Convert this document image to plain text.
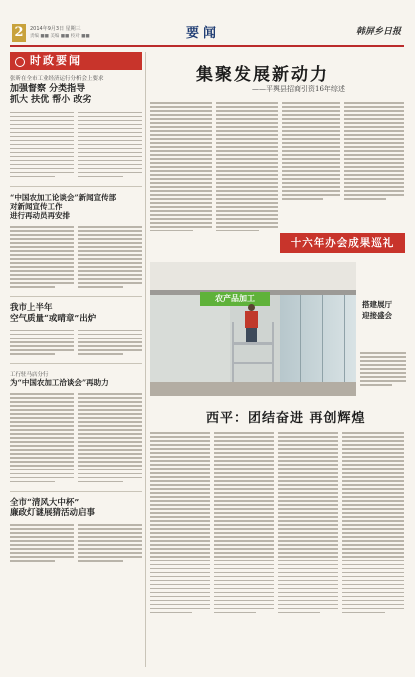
2	2014年9月3日 星期三
责编 ■■ 美编 ■■ 校对 ■■	要闻	韩屏乡日报
时政要闻
张昕在全市工业经济运行分析会上要求
加强督察 分类指导
抓大 扶优 帮小 改劣
“中国农加工论谈会”新闻宣传部
对新闻宣传工作
进行再动员再安排
我市上半年
空气质量“或晴章”出炉
工行驻马店分行
为“中国农加工洽谈会”再助力
全市“清风大中杯”
廉政灯谜展猜活动启事
集聚发展新动力
——平舆县招商引资16年综述
十六年办会成果巡礼
农产品加工
搭建展厅
迎接盛会
西平：团结奋进 再创辉煌
